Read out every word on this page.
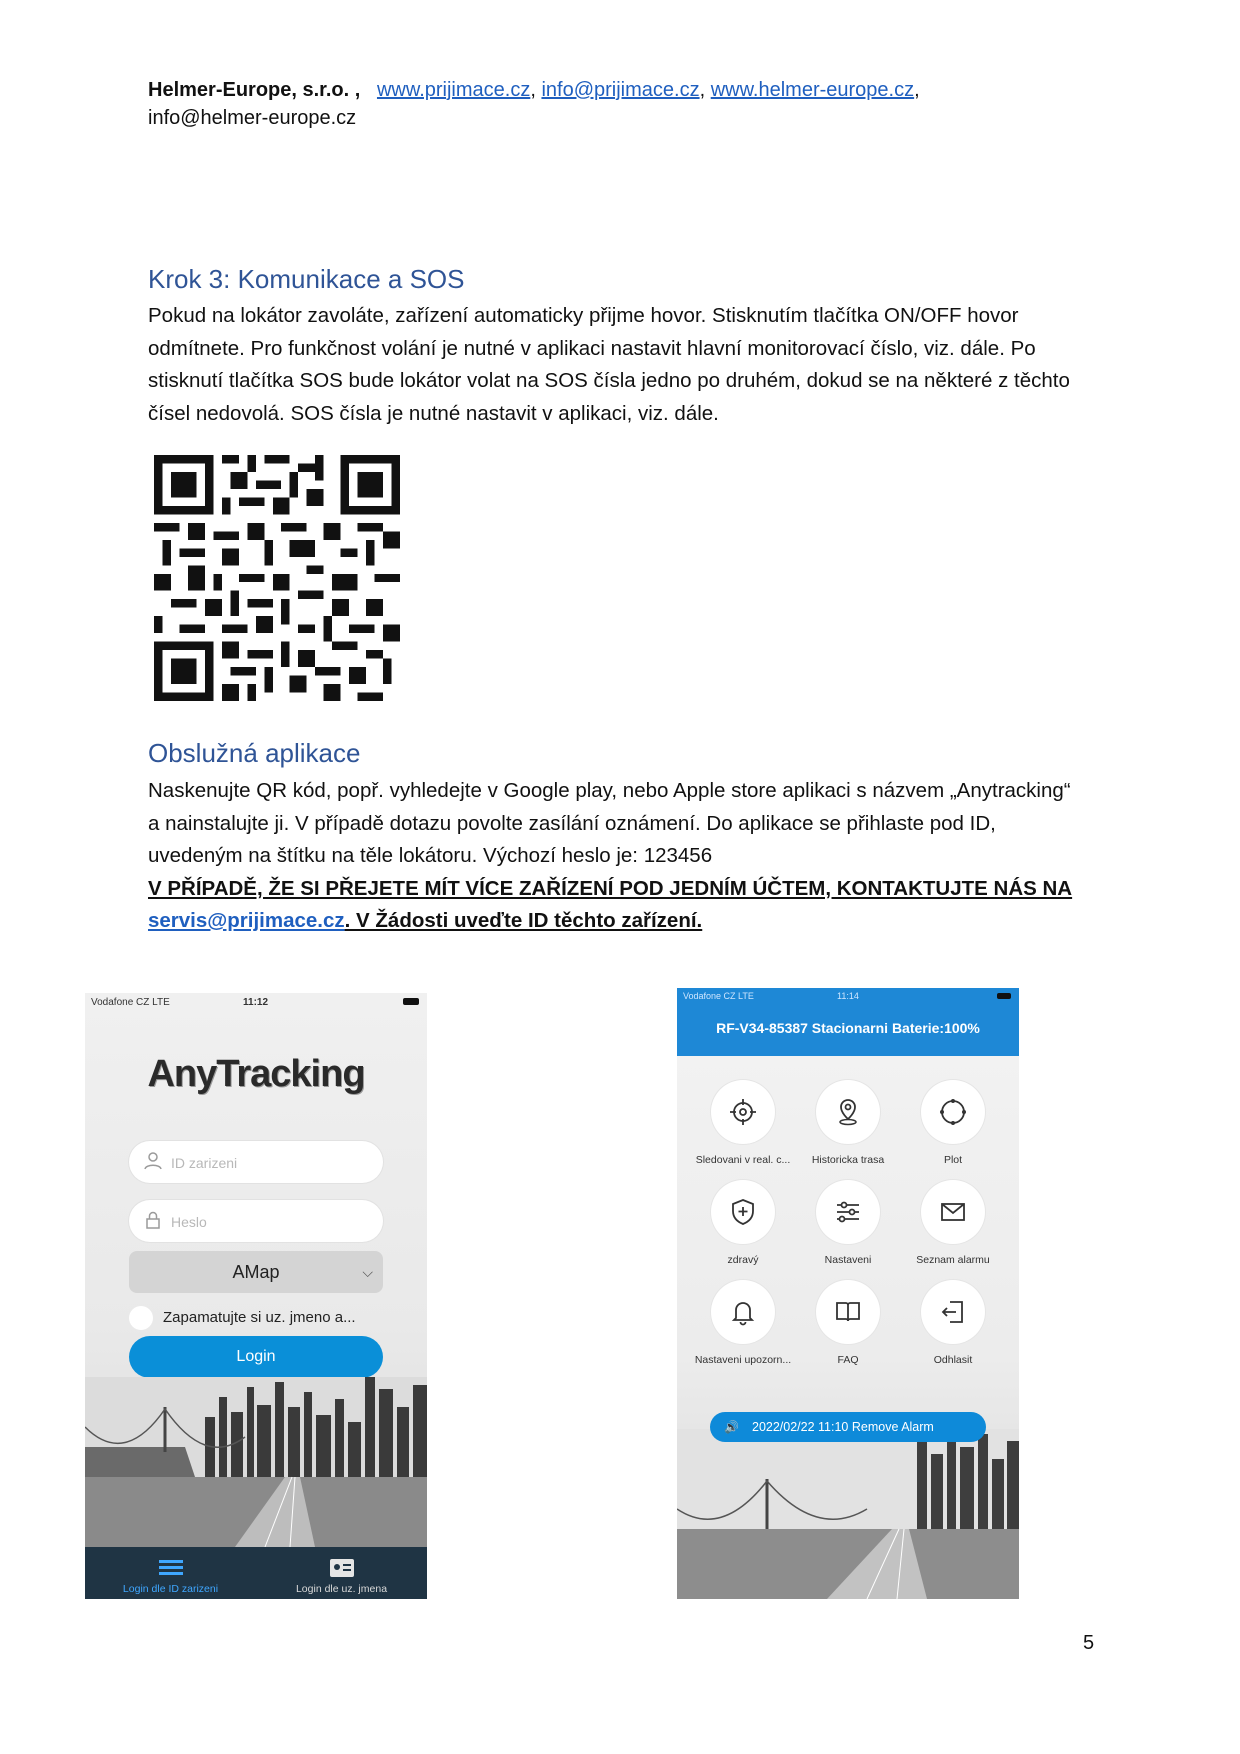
Helmer-Europe, s.r.o. , www.prijimace.cz, info@prijimace.cz, www.helmer-europe.cz,
info@helmer-europe.cz
Krok 3: Komunikace a SOS
Pokud na lokátor zavoláte, zařízení automaticky přijme hovor. Stisknutím tlačítka ON/OFF hovor
odmítnete. Pro funkčnost volání je nutné v aplikaci nastavit hlavní monitorovací číslo, viz. dále. Po
stisknutí tlačítka SOS bude lokátor volat na SOS čísla jedno po druhém, dokud se na některé z těchto
čísel nedovolá. SOS čísla je nutné nastavit v aplikaci, viz. dále.
Obslužná aplikace
Naskenujte QR kód, popř. vyhledejte v Google play, nebo Apple store aplikaci s názvem „Anytracking“
a nainstalujte ji. V případě dotazu povolte zasílání oznámení. Do aplikace se přihlaste pod ID,
uvedeným na štítku na těle lokátoru. Výchozí heslo je: 123456
V PŘÍPADĚ, ŽE SI PŘEJETE MÍT VÍCE ZAŘÍZENÍ POD JEDNÍM ÚČTEM, KONTAKTUJTE NÁS NA
servis@prijimace.cz. V Žádosti uveďte ID těchto zařízení.
Vodafone CZ LTE	11:12
AnyTracking
ID zarizeni
Heslo
AMap	⌵
Zapamatujte si uz. jmeno a...
Login
Login dle ID zarizeni	Login dle uz. jmena
Vodafone CZ LTE	11:14
RF-V34-85387 Stacionarni Baterie:100%
Sledovani v real. c...	Historicka trasa	Plot
zdravý	Nastaveni	Seznam alarmu
Nastaveni upozorn...	FAQ	Odhlasit
🔊 2022/02/22 11:10 Remove Alarm
5
